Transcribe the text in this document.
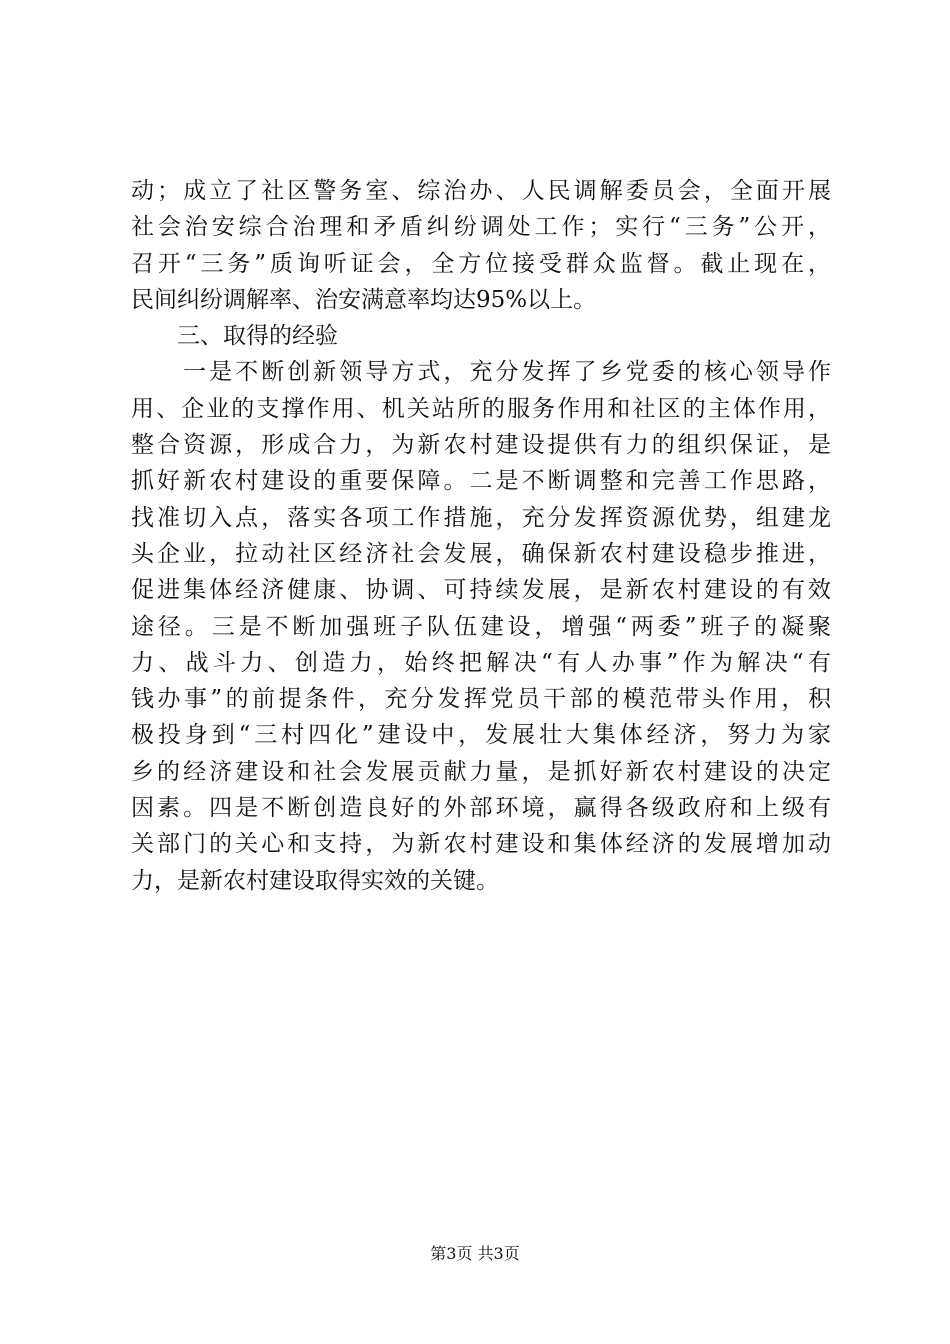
动；成立了社区警务室、综治办、人民调解委员会，全面开展
社会治安综合治理和矛盾纠纷调处工作；实行“三务”公开，
召开“三务”质询听证会，全方位接受群众监督。截止现在，
民间纠纷调解率、治安满意率均达95%以上。
　　三、取得的经验
　　一是不断创新领导方式，充分发挥了乡党委的核心领导作
用、企业的支撑作用、机关站所的服务作用和社区的主体作用，
整合资源，形成合力，为新农村建设提供有力的组织保证，是
抓好新农村建设的重要保障。二是不断调整和完善工作思路，
找准切入点，落实各项工作措施，充分发挥资源优势，组建龙
头企业，拉动社区经济社会发展，确保新农村建设稳步推进，
促进集体经济健康、协调、可持续发展，是新农村建设的有效
途径。三是不断加强班子队伍建设，增强“两委”班子的凝聚
力、战斗力、创造力，始终把解决“有人办事”作为解决“有
钱办事”的前提条件，充分发挥党员干部的模范带头作用，积
极投身到“三村四化”建设中，发展壮大集体经济，努力为家
乡的经济建设和社会发展贡献力量，是抓好新农村建设的决定
因素。四是不断创造良好的外部环境，赢得各级政府和上级有
关部门的关心和支持，为新农村建设和集体经济的发展增加动
力，是新农村建设取得实效的关键。
第3页 共3页
